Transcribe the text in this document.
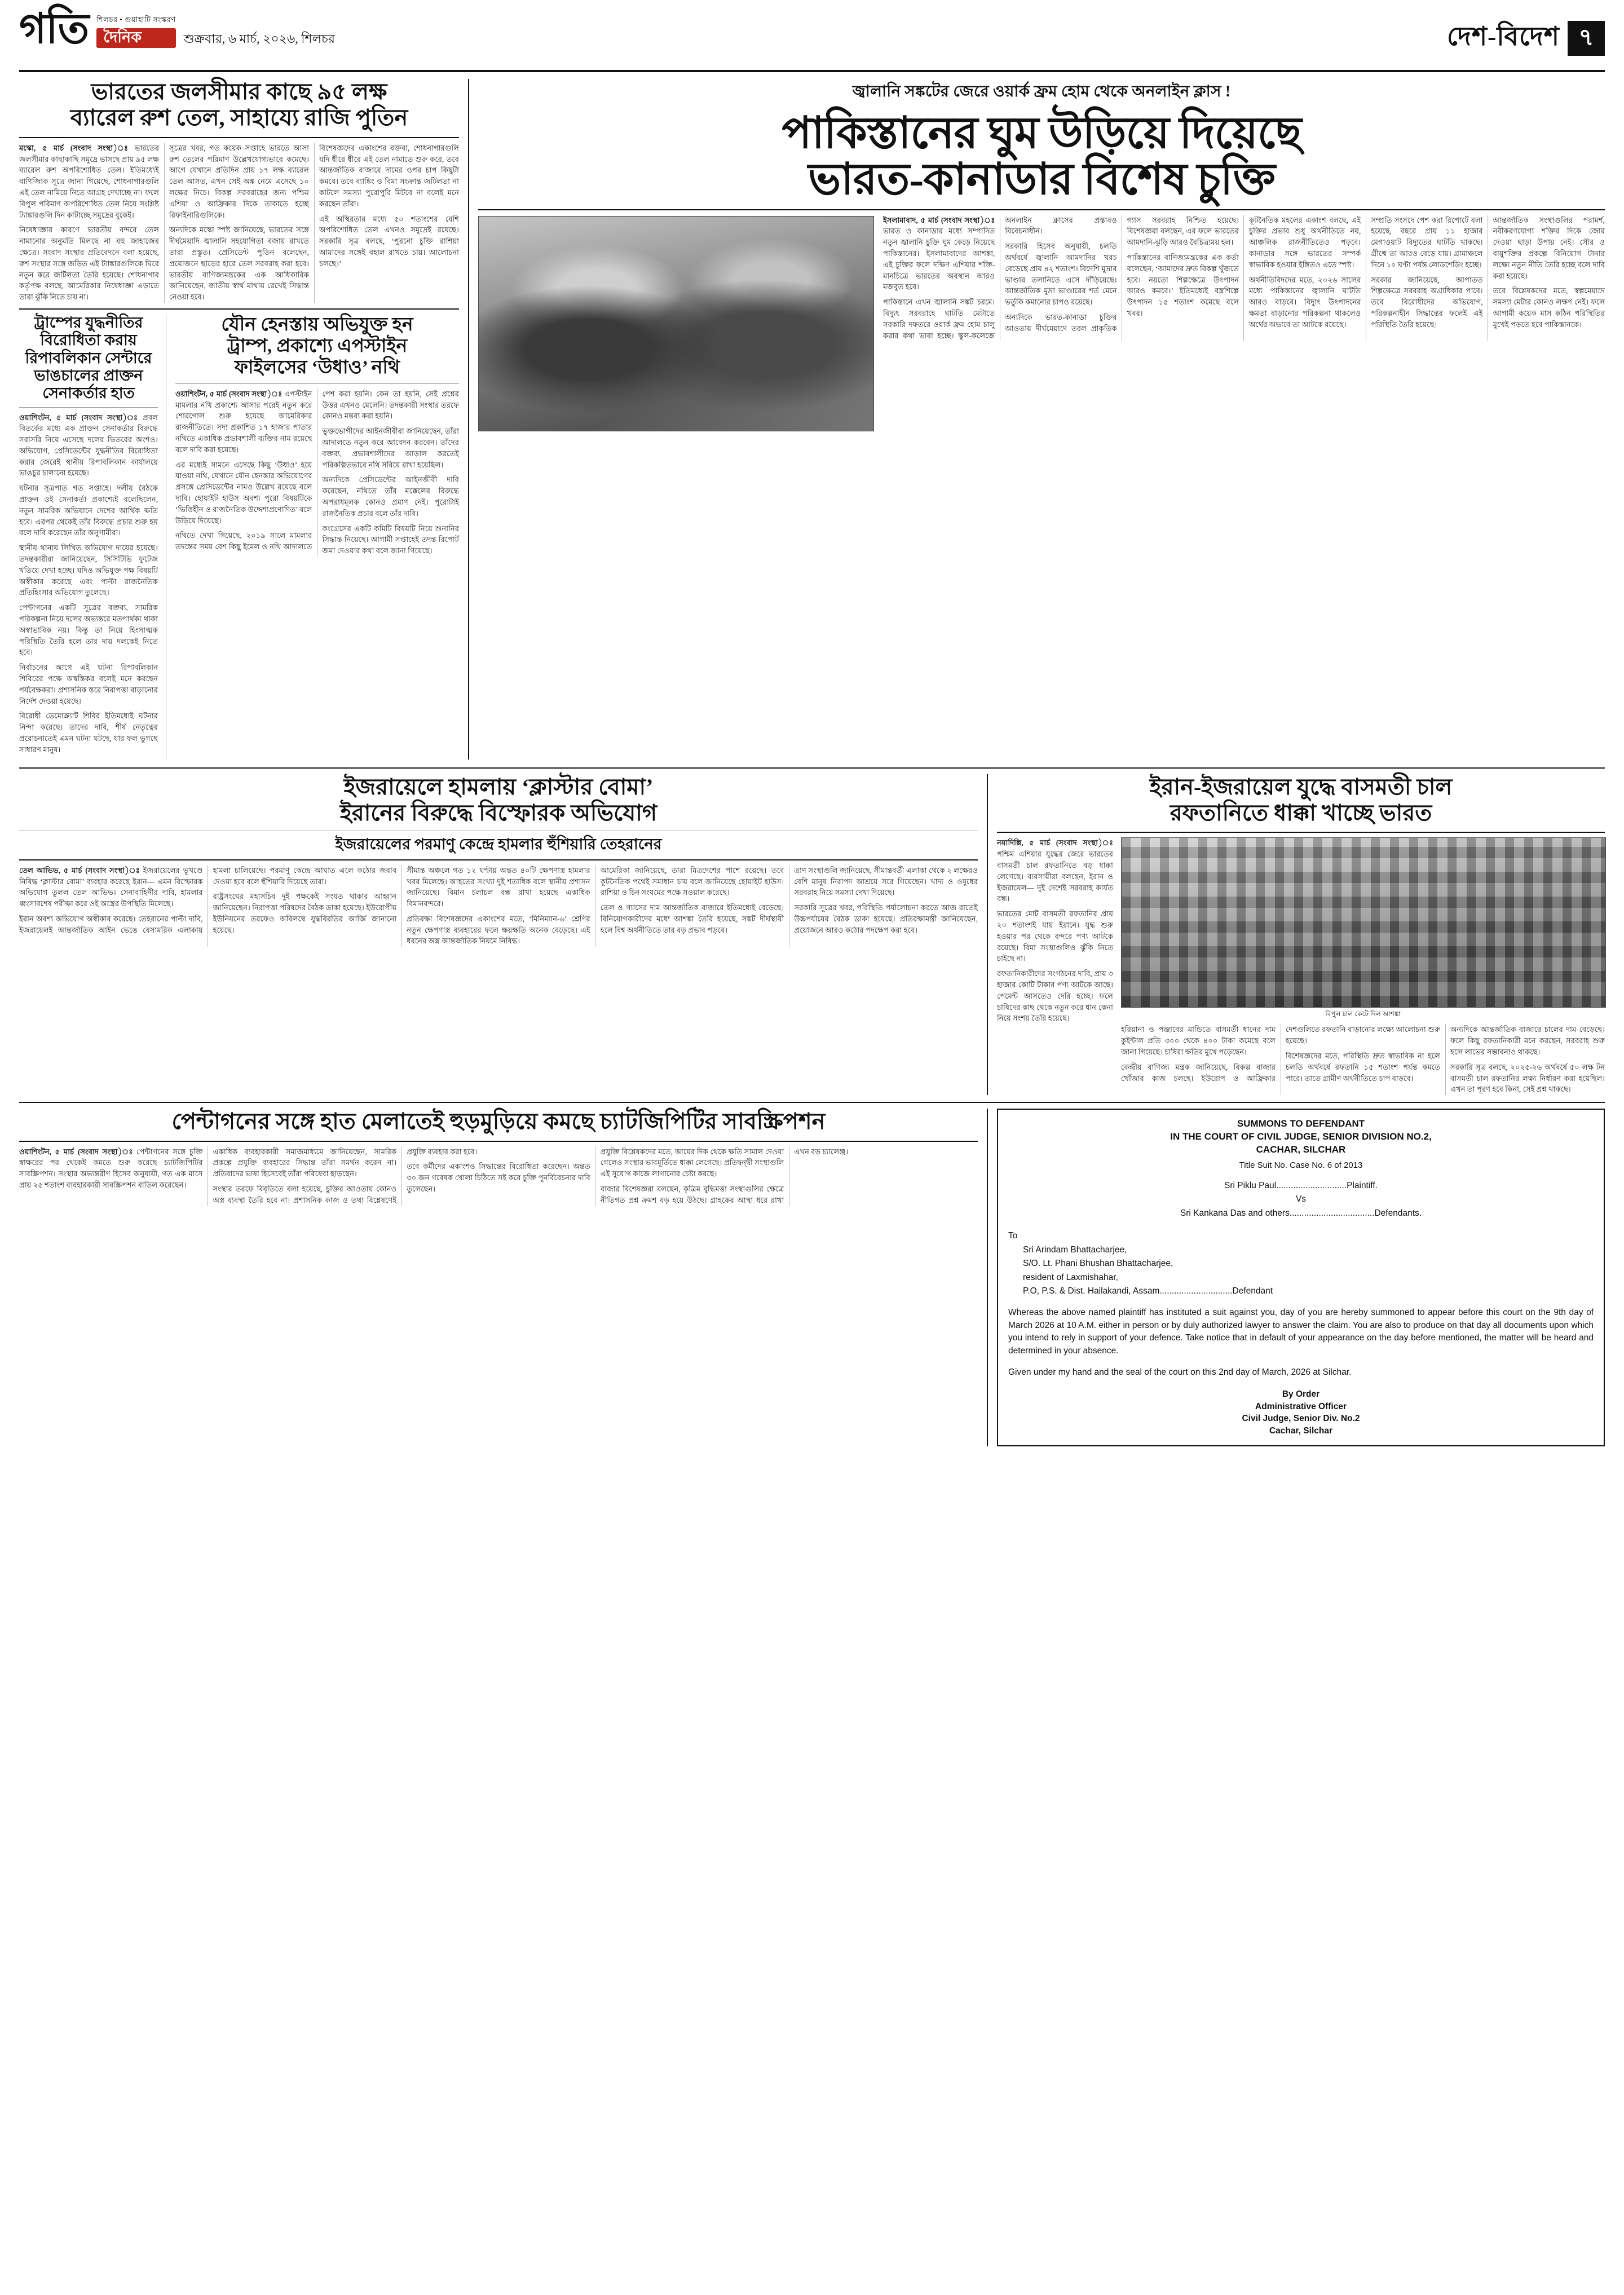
গতি শিলচর • গুয়াহাটি সংস্করণ
দৈনিক	শুক্রবার, ৬ মার্চ, ২০২৬, শিলচর	দেশ-বিদেশ ৭
ভারতের জলসীমার কাছে ৯৫ লক্ষ
ব্যারেল রুশ তেল, সাহায্যে রাজি পুতিন

মস্কো, ৫ মার্চ (সংবাদ সংস্থা)ঃ ভারতের জলসীমার কাছাকাছি সমুদ্রে ভাসছে প্রায় ৯৫ লক্ষ ব্যারেল রুশ অপরিশোধিত তেল। ইতিমধ্যেই বাণিজ্যিক সূত্রে জানা গিয়েছে, শোধনাগারগুলি এই তেল নামিয়ে নিতে আগ্রহ দেখাচ্ছে না। ফলে বিপুল পরিমাণ অপরিশোধিত তেল নিয়ে সংশ্লিষ্ট ট্যাঙ্কারগুলি দিন কাটাচ্ছে সমুদ্রের বুকেই।

নিষেধাজ্ঞার কারণে ভারতীয় বন্দরে তেল নামানোর অনুমতি মিলছে না বহু জাহাজের ক্ষেত্রে। সংবাদ সংস্থার প্রতিবেদনে বলা হয়েছে, রুশ সংস্থার সঙ্গে জড়িত এই ট্যাঙ্কারগুলিকে ঘিরে নতুন করে জটিলতা তৈরি হয়েছে। শোধনাগার কর্তৃপক্ষ বলছে, আমেরিকার নিষেধাজ্ঞা এড়াতে তারা ঝুঁকি নিতে চায় না।

সূত্রের খবর, গত কয়েক সপ্তাহে ভারতে আসা রুশ তেলের পরিমাণ উল্লেখযোগ্যভাবে কমেছে। আগে যেখানে প্রতিদিন প্রায় ১৭ লক্ষ ব্যারেল তেল আসত, এখন সেই অঙ্ক নেমে এসেছে ১০ লক্ষের নিচে। বিকল্প সরবরাহের জন্য পশ্চিম এশিয়া ও আফ্রিকার দিকে তাকাতে হচ্ছে রিফাইনারিগুলিকে।

অন্যদিকে মস্কো স্পষ্ট জানিয়েছে, ভারতের সঙ্গে দীর্ঘমেয়াদি জ্বালানি সহযোগিতা বজায় রাখতে তারা প্রস্তুত। প্রেসিডেন্ট পুতিন বলেছেন, প্রয়োজনে ছাড়ের হারে তেল সরবরাহ করা হবে। ভারতীয় বাণিজ্যমন্ত্রকের এক আধিকারিক জানিয়েছেন, জাতীয় স্বার্থ মাথায় রেখেই সিদ্ধান্ত নেওয়া হবে।

বিশেষজ্ঞদের একাংশের বক্তব্য, শোধনাগারগুলি যদি ধীরে ধীরে এই তেল নামাতে শুরু করে, তবে আন্তর্জাতিক বাজারে দামের ওপর চাপ কিছুটা কমবে। তবে ব্যাঙ্কিং ও বিমা সংক্রান্ত জটিলতা না কাটলে সমস্যা পুরোপুরি মিটবে না বলেই মনে করছেন তাঁরা।

এই অস্থিরতার মধ্যে ৫০ শতাংশের বেশি অপরিশোধিত তেল এখনও সমুদ্রেই রয়েছে। সরকারি সূত্র বলছে, ‘পুরনো চুক্তি রাশিয়া আমাদের সঙ্গেই বহাল রাখতে চায়। আলোচনা চলছে।’

ট্রাম্পের যুদ্ধনীতির
বিরোধিতা করায়
রিপাবলিকান সেন্টারে
ভাঙচালের প্রাক্তন
সেনাকর্তার হাত

ওয়াশিংটন, ৫ মার্চ (সংবাদ সংস্থা)ঃ প্রবল বিতর্কের মধ্যে এক প্রাক্তন সেনাকর্তার বিরুদ্ধে সরাসরি নিয়ে এসেছে দলের ভিতরের অংশও। অভিযোগ, প্রেসিডেন্টের যুদ্ধনীতির বিরোধিতা করার জেরেই স্থানীয় রিপাবলিকান কার্যালয়ে ভাঙচুর চালানো হয়েছে।

ঘটনার সূত্রপাত গত সপ্তাহে। দলীয় বৈঠকে প্রাক্তন ওই সেনাকর্তা প্রকাশ্যেই বলেছিলেন, নতুন সামরিক অভিযানে দেশের আর্থিক ক্ষতি হবে। এরপর থেকেই তাঁর বিরুদ্ধে প্রচার শুরু হয় বলে দাবি করেছেন তাঁর অনুগামীরা।

স্থানীয় থানায় লিখিত অভিযোগ দায়ের হয়েছে। তদন্তকারীরা জানিয়েছেন, সিসিটিভি ফুটেজ খতিয়ে দেখা হচ্ছে। যদিও অভিযুক্ত পক্ষ বিষয়টি অস্বীকার করেছে এবং পাল্টা রাজনৈতিক প্রতিহিংসার অভিযোগ তুলেছে।

পেন্টাগনের একটি সূত্রের বক্তব্য, সামরিক পরিকল্পনা নিয়ে দলের অভ্যন্তরে মতপার্থক্য থাকা অস্বাভাবিক নয়। কিন্তু তা নিয়ে হিংসাত্মক পরিস্থিতি তৈরি হলে তার দায় দলকেই নিতে হবে।

নির্বাচনের আগে এই ঘটনা রিপাবলিকান শিবিরের পক্ষে অস্বস্তিকর বলেই মনে করছেন পর্যবেক্ষকরা। প্রশাসনিক স্তরে নিরাপত্তা বাড়ানোর নির্দেশ দেওয়া হয়েছে।

বিরোধী ডেমোক্র্যাট শিবির ইতিমধ্যেই ঘটনার নিন্দা করেছে। তাদের দাবি, শীর্ষ নেতৃত্বের প্ররোচনাতেই এমন ঘটনা ঘটছে, যার ফল ভুগছে সাধারণ মানুষ।

যৌন হেনস্তায় অভিযুক্ত হন
ট্রাম্প, প্রকাশ্যে এপস্টাইন
ফাইলসের ‘উধাও’ নথি

ওয়াশিংটন, ৫ মার্চ (সংবাদ সংস্থা)ঃ এপস্টাইন মামলার নথি প্রকাশ্যে আসার পরেই নতুন করে শোরগোল শুরু হয়েছে আমেরিকার রাজনীতিতে। সদ্য প্রকাশিত ১৭ হাজার পাতার নথিতে একাধিক প্রভাবশালী ব্যক্তির নাম রয়েছে বলে দাবি করা হয়েছে।

এর মধ্যেই সামনে এসেছে কিছু ‘উধাও’ হয়ে যাওয়া নথি, যেখানে যৌন হেনস্তার অভিযোগের প্রসঙ্গে প্রেসিডেন্টের নামও উল্লেখ রয়েছে বলে দাবি। হোয়াইট হাউস অবশ্য পুরো বিষয়টিকে ‘ভিত্তিহীন ও রাজনৈতিক উদ্দেশ্যপ্রণোদিত’ বলে উড়িয়ে দিয়েছে।

নথিতে দেখা গিয়েছে, ২০১৯ সালে মামলার তদন্তের সময় বেশ কিছু ইমেল ও নথি আদালতে পেশ করা হয়নি। কেন তা হয়নি, সেই প্রশ্নের উত্তর এখনও মেলেনি। তদন্তকারী সংস্থার তরফে কোনও মন্তব্য করা হয়নি।

ভুক্তভোগীদের আইনজীবীরা জানিয়েছেন, তাঁরা আদালতে নতুন করে আবেদন করবেন। তাঁদের বক্তব্য, প্রভাবশালীদের আড়াল করতেই পরিকল্পিতভাবে নথি সরিয়ে রাখা হয়েছিল।

অন্যদিকে প্রেসিডেন্টের আইনজীবী দাবি করেছেন, নথিতে তাঁর মক্কেলের বিরুদ্ধে অপরাধমূলক কোনও প্রমাণ নেই। পুরোটাই রাজনৈতিক প্রচার বলে তাঁর দাবি।

কংগ্রেসের একটি কমিটি বিষয়টি নিয়ে শুনানির সিদ্ধান্ত নিয়েছে। আগামী সপ্তাহেই তদন্ত রিপোর্ট জমা দেওয়ার কথা বলে জানা গিয়েছে।

জ্বালানি সঙ্কটের জেরে ওয়ার্ক ফ্রম হোম থেকে অনলাইন ক্লাস !
পাকিস্তানের ঘুম উড়িয়ে দিয়েছে
ভারত-কানাডার বিশেষ চুক্তি

ইসলামাবাদ, ৫ মার্চ (সংবাদ সংস্থা)ঃ ভারত ও কানাডার মধ্যে সম্পাদিত নতুন জ্বালানি চুক্তি ঘুম কেড়ে নিয়েছে পাকিস্তানের। ইসলামাবাদের আশঙ্কা, এই চুক্তির ফলে দক্ষিণ এশিয়ার শক্তি-মানচিত্রে ভারতের অবস্থান আরও মজবুত হবে।

পাকিস্তানে এখন জ্বালানি সঙ্কট চরমে। বিদ্যুৎ সরবরাহে ঘাটতি মেটাতে সরকারি দফতরে ওয়ার্ক ফ্রম হোম চালু করার কথা ভাবা হচ্ছে। স্কুল-কলেজে অনলাইন ক্লাসের প্রস্তাবও বিবেচনাধীন।

সরকারি হিসেব অনুযায়ী, চলতি অর্থবর্ষে জ্বালানি আমদানির খরচ বেড়েছে প্রায় ৪২ শতাংশ। বিদেশি মুদ্রার ভাণ্ডার তলানিতে এসে দাঁড়িয়েছে। আন্তর্জাতিক মুদ্রা ভাণ্ডারের শর্ত মেনে ভর্তুকি কমানোর চাপও রয়েছে।

অন্যদিকে ভারত-কানাডা চুক্তির আওতায় দীর্ঘমেয়াদে তরল প্রাকৃতিক গ্যাস সরবরাহ নিশ্চিত হয়েছে। বিশেষজ্ঞরা বলছেন, এর ফলে ভারতের আমদানি-ঝুড়ি আরও বৈচিত্র্যময় হল।

পাকিস্তানের বাণিজ্যমন্ত্রকের এক কর্তা বলেছেন, ‘আমাদের দ্রুত বিকল্প খুঁজতে হবে। নয়তো শিল্পক্ষেত্রে উৎপাদন আরও কমবে।’ ইতিমধ্যেই বস্ত্রশিল্পে উৎপাদন ১৫ শতাংশ কমেছে বলে খবর।

কূটনৈতিক মহলের একাংশ বলছে, এই চুক্তির প্রভাব শুধু অর্থনীতিতে নয়, আঞ্চলিক রাজনীতিতেও পড়বে। কানাডার সঙ্গে ভারতের সম্পর্ক স্বাভাবিক হওয়ার ইঙ্গিতও এতে স্পষ্ট।

অর্থনীতিবিদদের মতে, ২০২৬ সালের মধ্যে পাকিস্তানের জ্বালানি ঘাটতি আরও বাড়বে। বিদ্যুৎ উৎপাদনের ক্ষমতা বাড়ানোর পরিকল্পনা থাকলেও অর্থের অভাবে তা আটকে রয়েছে।

সম্প্রতি সংসদে পেশ করা রিপোর্টে বলা হয়েছে, বছরে প্রায় ১১ হাজার মেগাওয়াট বিদ্যুতের ঘাটতি থাকছে। গ্রীষ্মে তা আরও বেড়ে যায়। গ্রামাঞ্চলে দিনে ১০ ঘণ্টা পর্যন্ত লোডশেডিং হচ্ছে।

সরকার জানিয়েছে, আপাতত শিল্পক্ষেত্রে সরবরাহ অগ্রাধিকার পাবে। তবে বিরোধীদের অভিযোগ, পরিকল্পনাহীন সিদ্ধান্তের ফলেই এই পরিস্থিতি তৈরি হয়েছে।

আন্তর্জাতিক সংস্থাগুলির পরামর্শ, নবীকরণযোগ্য শক্তির দিকে জোর দেওয়া ছাড়া উপায় নেই। সৌর ও বায়ুশক্তির প্রকল্পে বিনিয়োগ টানার লক্ষ্যে নতুন নীতি তৈরি হচ্ছে বলে দাবি করা হয়েছে।

তবে বিশ্লেষকদের মতে, স্বল্পমেয়াদে সমস্যা মেটার কোনও লক্ষণ নেই। ফলে আগামী কয়েক মাস কঠিন পরিস্থিতির মুখেই পড়তে হবে পাকিস্তানকে।

ইজরায়েলে হামলায় ‘ক্লাস্টার বোমা’
ইরানের বিরুদ্ধে বিস্ফোরক অভিযোগ
ইজরায়েলের পরমাণু কেন্দ্রে হামলার হুঁশিয়ারি তেহরানের

তেল আভিভ, ৫ মার্চ (সংবাদ সংস্থা)ঃ ইজরায়েলের ভূখণ্ডে নিষিদ্ধ ‘ক্লাস্টার বোমা’ ব্যবহার করেছে ইরান— এমন বিস্ফোরক অভিযোগ তুলল তেল আভিভ। সেনাবাহিনীর দাবি, হামলার ধ্বংসাবশেষ পরীক্ষা করে ওই অস্ত্রের উপস্থিতি মিলেছে।

ইরান অবশ্য অভিযোগ অস্বীকার করেছে। তেহরানের পাল্টা দাবি, ইজরায়েলই আন্তর্জাতিক আইন ভেঙে বেসামরিক এলাকায় হামলা চালিয়েছে। পরমাণু কেন্দ্রে আঘাত এলে কঠোর জবাব দেওয়া হবে বলে হুঁশিয়ারি দিয়েছে তারা।

রাষ্ট্রসংঘের মহাসচিব দুই পক্ষকেই সংযত থাকার আহ্বান জানিয়েছেন। নিরাপত্তা পরিষদের বৈঠক ডাকা হয়েছে। ইউরোপীয় ইউনিয়নের তরফেও অবিলম্বে যুদ্ধবিরতির আর্জি জানানো হয়েছে।

সীমান্ত অঞ্চলে গত ১২ ঘণ্টায় অন্তত ৪০টি ক্ষেপণাস্ত্র হামলার খবর মিলেছে। আহতের সংখ্যা দুই শতাধিক বলে স্থানীয় প্রশাসন জানিয়েছে। বিমান চলাচল বন্ধ রাখা হয়েছে একাধিক বিমানবন্দরে।

প্রতিরক্ষা বিশেষজ্ঞদের একাংশের মতে, ‘মিনিম্যান-৬’ শ্রেণির নতুন ক্ষেপণাস্ত্র ব্যবহারের ফলে ক্ষয়ক্ষতি অনেক বেড়েছে। এই ধরনের অস্ত্র আন্তর্জাতিক নিয়মে নিষিদ্ধ।

আমেরিকা জানিয়েছে, তারা মিত্রদেশের পাশে রয়েছে। তবে কূটনৈতিক পথেই সমাধান চায় বলে জানিয়েছে হোয়াইট হাউস। রাশিয়া ও চিন সংযমের পক্ষে সওয়াল করেছে।

তেল ও গ্যাসের দাম আন্তর্জাতিক বাজারে ইতিমধ্যেই বেড়েছে। বিনিয়োগকারীদের মধ্যে আশঙ্কা তৈরি হয়েছে, সঙ্কট দীর্ঘস্থায়ী হলে বিশ্ব অর্থনীতিতে তার বড় প্রভাব পড়বে।

ত্রাণ সংস্থাগুলি জানিয়েছে, সীমান্তবর্তী এলাকা থেকে ২ লক্ষেরও বেশি মানুষ নিরাপদ আশ্রয়ে সরে গিয়েছেন। খাদ্য ও ওষুধের সরবরাহ নিয়ে সমস্যা দেখা দিয়েছে।

সরকারি সূত্রের খবর, পরিস্থিতি পর্যালোচনা করতে আজ রাতেই উচ্চপর্যায়ের বৈঠক ডাকা হয়েছে। প্রতিরক্ষামন্ত্রী জানিয়েছেন, প্রয়োজনে আরও কঠোর পদক্ষেপ করা হবে।

ইরান-ইজরায়েল যুদ্ধে বাসমতী চাল
রফতানিতে ধাক্কা খাচ্ছে ভারত

নয়াদিল্লি, ৫ মার্চ (সংবাদ সংস্থা)ঃ পশ্চিম এশিয়ার যুদ্ধের জেরে ভারতের বাসমতী চাল রফতানিতে বড় ধাক্কা লেগেছে। ব্যবসায়ীরা বলছেন, ইরান ও ইজরায়েল— দুই দেশেই সরবরাহ কার্যত বন্ধ।

ভারতের মোট বাসমতী রফতানির প্রায় ২০ শতাংশই যায় ইরানে। যুদ্ধ শুরু হওয়ার পর থেকে বন্দরে পণ্য আটকে রয়েছে। বিমা সংস্থাগুলিও ঝুঁকি নিতে চাইছে না।

রফতানিকারীদের সংগঠনের দাবি, প্রায় ৩ হাজার কোটি টাকার পণ্য আটকে আছে। পেমেন্ট আসতেও দেরি হচ্ছে। ফলে চাষিদের কাছ থেকে নতুন করে ধান কেনা নিয়ে সংশয় তৈরি হয়েছে।	বিপুল চাল কেটে দিল আশঙ্কা

হরিয়ানা ও পঞ্জাবের মান্ডিতে বাসমতী ধানের দাম কুইন্টাল প্রতি ৩০০ থেকে ৪০০ টাকা কমেছে বলে জানা গিয়েছে। চাষিরা ক্ষতির মুখে পড়েছেন।

কেন্দ্রীয় বাণিজ্য মন্ত্রক জানিয়েছে, বিকল্প বাজার খোঁজার কাজ চলছে। ইউরোপ ও আফ্রিকার দেশগুলিতে রফতানি বাড়ানোর লক্ষ্যে আলোচনা শুরু হয়েছে।

বিশেষজ্ঞদের মতে, পরিস্থিতি দ্রুত স্বাভাবিক না হলে চলতি অর্থবর্ষে রফতানি ১৫ শতাংশ পর্যন্ত কমতে পারে। তাতে গ্রামীণ অর্থনীতিতে চাপ বাড়বে।

অন্যদিকে আন্তর্জাতিক বাজারে চালের দাম বেড়েছে। ফলে কিছু রফতানিকারী মনে করছেন, সরবরাহ শুরু হলে লাভের সম্ভাবনাও থাকছে।

সরকারি সূত্র বলছে, ২০২৫-২৬ অর্থবর্ষে ৫০ লক্ষ টন বাসমতী চাল রফতানির লক্ষ্য নির্ধারণ করা হয়েছিল। এখন তা পূরণ হবে কিনা, সেই প্রশ্ন থাকছে।

পেন্টাগনের সঙ্গে হাত মেলাতেই হুড়মুড়িয়ে কমছে চ্যাটজিপিটির সাবস্ক্রিপশন

ওয়াশিংটন, ৫ মার্চ (সংবাদ সংস্থা)ঃ পেন্টাগনের সঙ্গে চুক্তি স্বাক্ষরের পর থেকেই কমতে শুরু করেছে চ্যাটজিপিটির সাবস্ক্রিপশন। সংস্থার অভ্যন্তরীণ হিসেব অনুযায়ী, গত এক মাসে প্রায় ২৫ শতাংশ ব্যবহারকারী সাবস্ক্রিপশন বাতিল করেছেন।

একাধিক ব্যবহারকারী সমাজমাধ্যমে জানিয়েছেন, সামরিক প্রকল্পে প্রযুক্তি ব্যবহারের সিদ্ধান্ত তাঁরা সমর্থন করেন না। প্রতিবাদের ভাষা হিসেবেই তাঁরা পরিষেবা ছাড়ছেন।

সংস্থার তরফে বিবৃতিতে বলা হয়েছে, চুক্তির আওতায় কোনও অস্ত্র ব্যবস্থা তৈরি হবে না। প্রশাসনিক কাজ ও তথ্য বিশ্লেষণেই প্রযুক্তি ব্যবহার করা হবে।

তবে কর্মীদের একাংশও সিদ্ধান্তের বিরোধিতা করেছেন। অন্তত ৩০ জন গবেষক খোলা চিঠিতে সই করে চুক্তি পুনর্বিবেচনার দাবি তুলেছেন।

প্রযুক্তি বিশ্লেষকদের মতে, আয়ের দিক থেকে ক্ষতি সামাল দেওয়া গেলেও সংস্থার ভাবমূর্তিতে ধাক্কা লেগেছে। প্রতিদ্বন্দ্বী সংস্থাগুলি এই সুযোগ কাজে লাগানোর চেষ্টা করছে।

বাজার বিশেষজ্ঞরা বলছেন, কৃত্রিম বুদ্ধিমত্তা সংস্থাগুলির ক্ষেত্রে নীতিগত প্রশ্ন ক্রমশ বড় হয়ে উঠছে। গ্রাহকের আস্থা ধরে রাখা এখন বড় চ্যালেঞ্জ।

SUMMONS TO DEFENDANT
IN THE COURT OF CIVIL JUDGE, SENIOR DIVISION NO.2,
CACHAR, SILCHAR
Title Suit No. Case No. 6 of 2013
Sri Piklu Paul.............................Plaintiff.
Vs
Sri Kankana Das and others...................................Defendants.
To
Sri Arindam Bhattacharjee,
S/O. Lt. Phani Bhushan Bhattacharjee,
resident of Laxmishahar,
P.O, P.S. & Dist. Hailakandi, Assam..............................Defendant
Whereas the above named plaintiff has instituted a suit against you, day of you are hereby summoned to appear before this court on the 9th day of March 2026 at 10 A.M. either in person or by duly authorized lawyer to answer the claim. You are also to produce on that day all documents upon which you intend to rely in support of your defence. Take notice that in default of your appearance on the day before mentioned, the matter will be heard and determined in your absence.
Given under my hand and the seal of the court on this 2nd day of March, 2026 at Silchar.
By Order
Administrative Officer
Civil Judge, Senior Div. No.2
Cachar, Silchar
